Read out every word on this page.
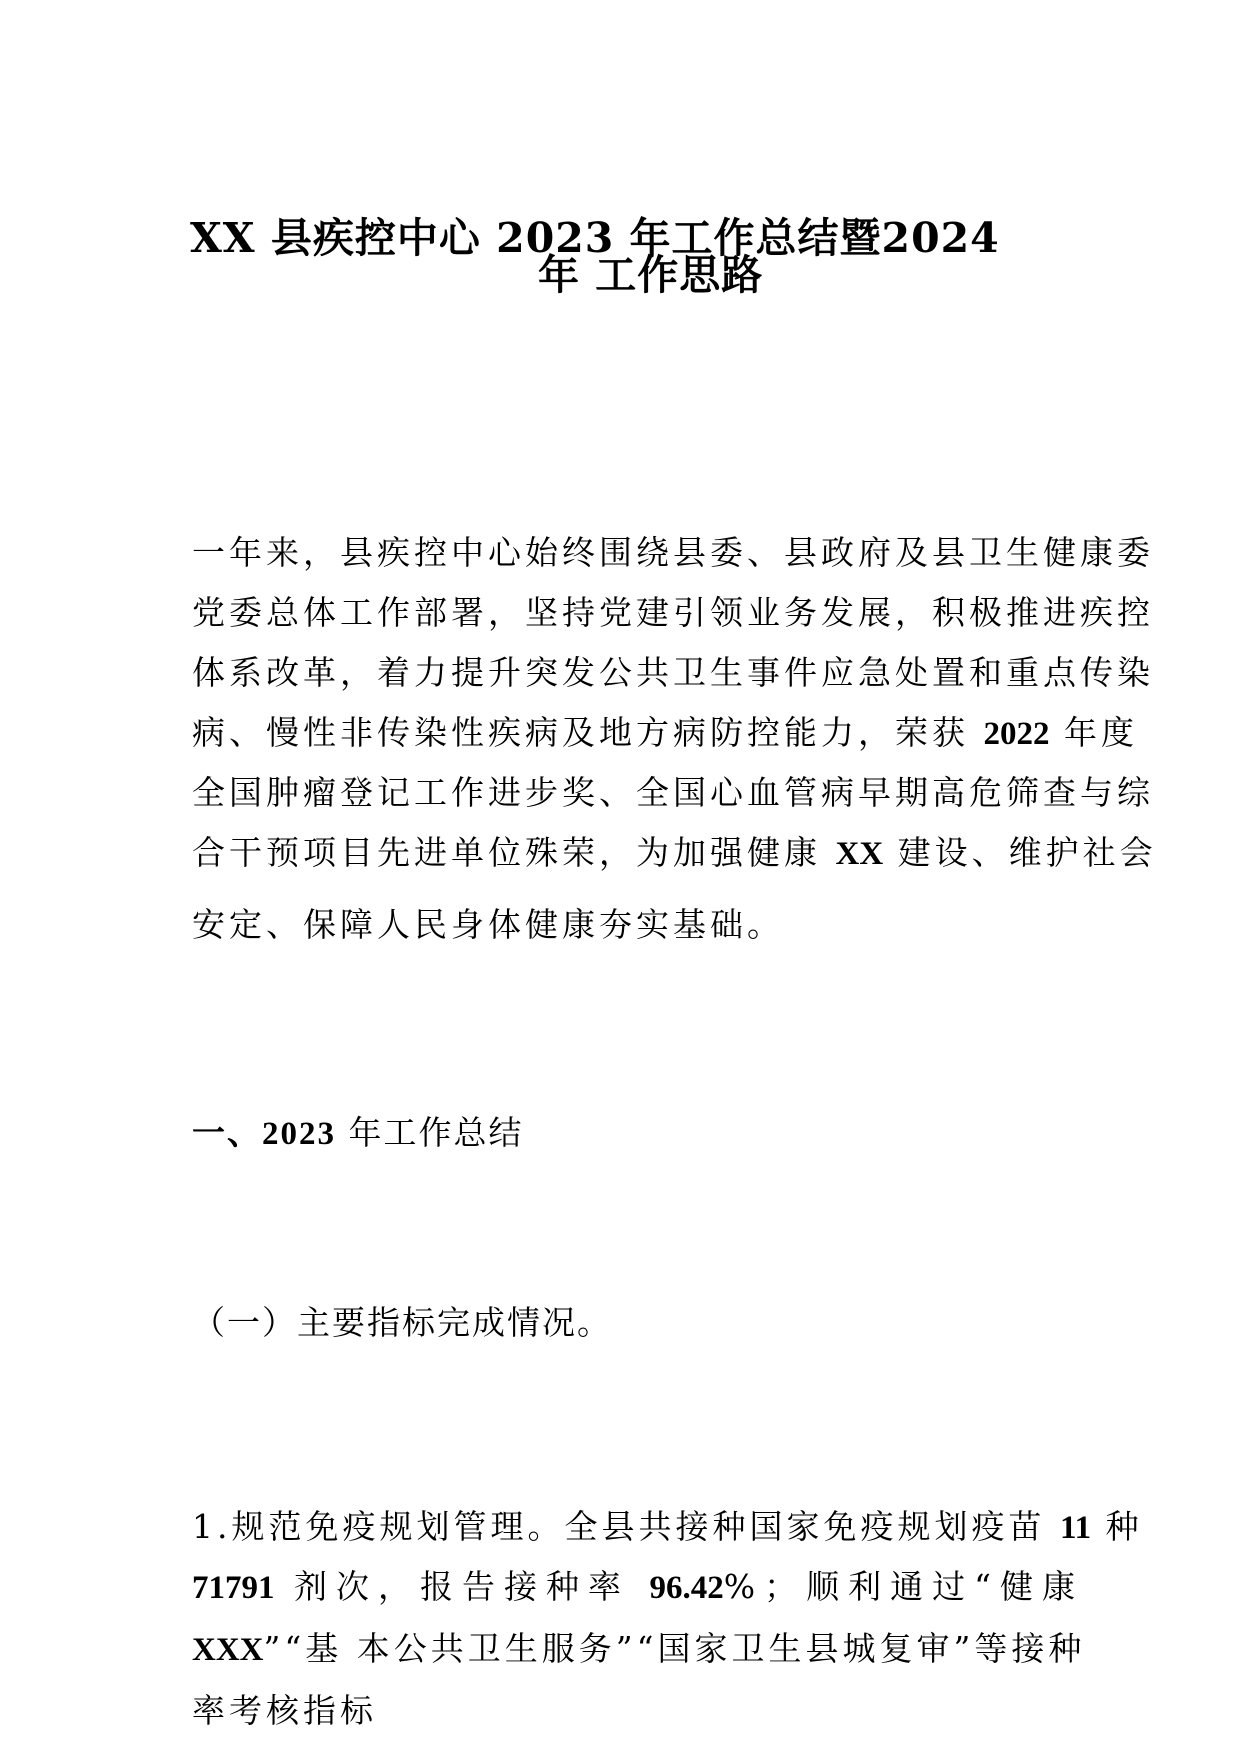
XX 县疾控中心 2023 年工作总结暨2024
年 工作思路
一年来，县疾控中心始终围绕县委、县政府及县卫生健康委
党委总体工作部署，坚持党建引领业务发展，积极推进疾控
体系改革，着力提升突发公共卫生事件应急处置和重点传染
病、慢性非传染性疾病及地方病防控能力，荣获 2022 年度
全国肿瘤登记工作进步奖、全国心血管病早期高危筛查与综
合干预项目先进单位殊荣，为加强健康 XX 建设、维护社会
安定、保障人民身体健康夯实基础。
一、2023 年工作总结
（一）主要指标完成情况。
1.规范免疫规划管理。全县共接种国家免疫规划疫苗 11 种
71791 剂次，报告接种率 96.42%；顺利通过“健康
XXX”“基 本公共卫生服务”“国家卫生县城复审”等接种
率考核指标
